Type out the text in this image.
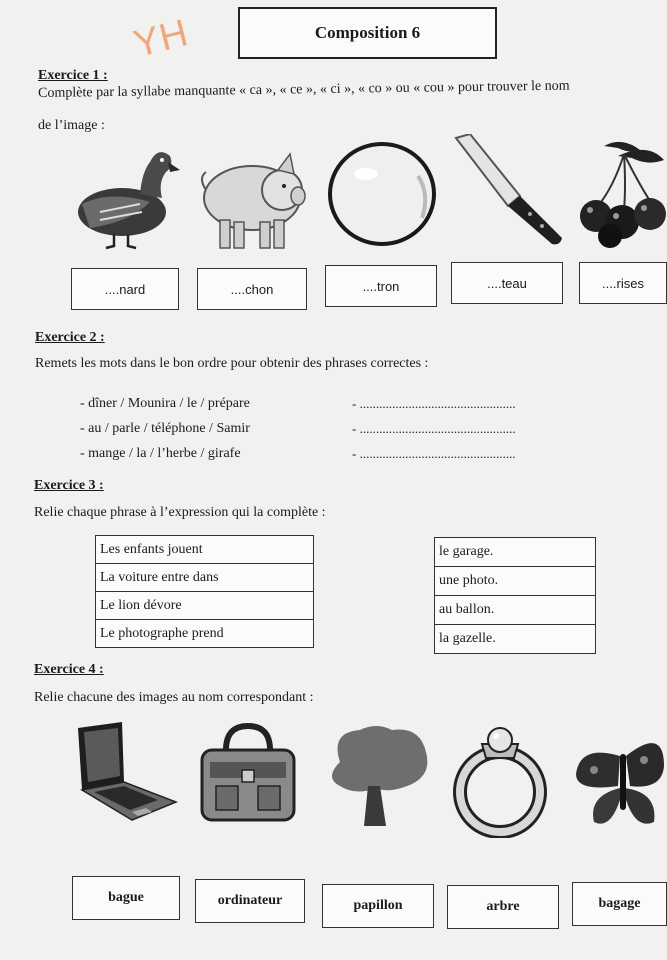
Composition 6
YH
Exercice 1 :
Complète par la syllabe manquante « ca », « ce », « ci », « co » ou « cou » pour trouver le nom
de l’image :
....nard	....chon	....tron	....teau	....rises
Exercice 2 :
Remets les mots dans le bon ordre pour obtenir des phrases correctes :
- dîner / Mounira / le / prépare
- au / parle / téléphone / Samir
- mange / la / l’herbe / girafe
- ................................................
- ................................................
- ................................................
Exercice 3 :
Relie chaque phrase à l’expression qui la complète :
Les enfants jouent
La voiture entre dans
Le lion dévore
Le photographe prend
le garage.
une photo.
au ballon.
la gazelle.
Exercice 4 :
Relie chacune des images au nom correspondant :
bague	ordinateur	papillon	arbre	bagage
